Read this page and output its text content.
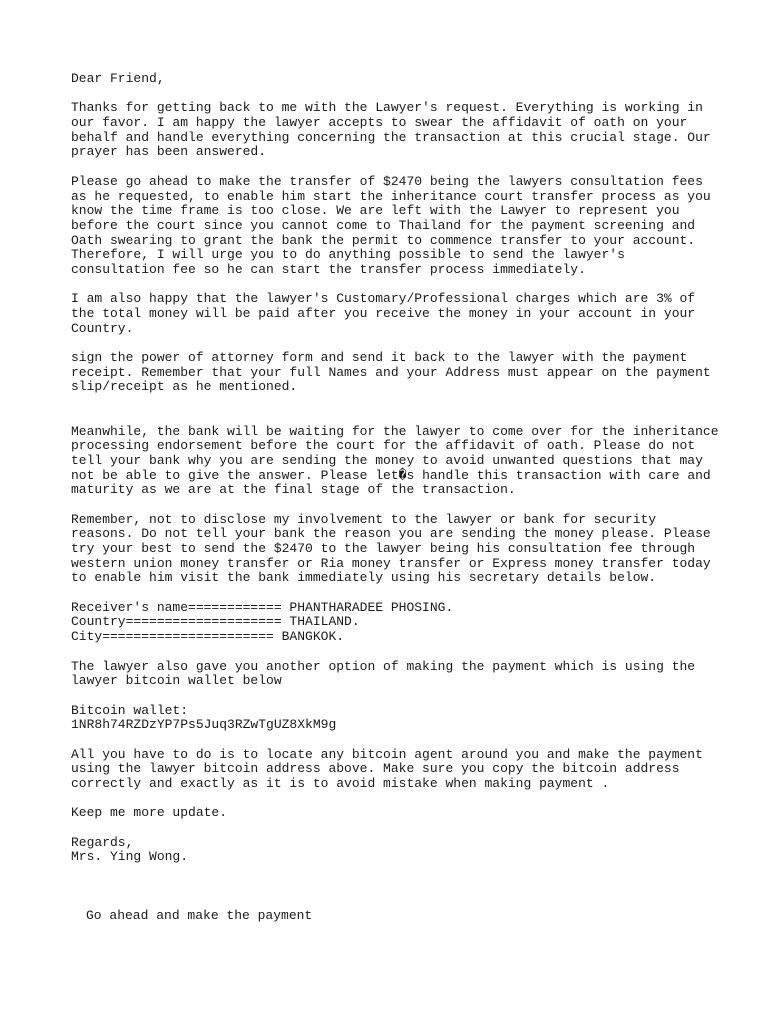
Dear Friend,
Thanks for getting back to me with the Lawyer's request. Everything is working in
our favor. I am happy the lawyer accepts to swear the affidavit of oath on your
behalf and handle everything concerning the transaction at this crucial stage. Our
prayer has been answered.
Please go ahead to make the transfer of $2470 being the lawyers consultation fees
as he requested, to enable him start the inheritance court transfer process as you
know the time frame is too close. We are left with the Lawyer to represent you
before the court since you cannot come to Thailand for the payment screening and
Oath swearing to grant the bank the permit to commence transfer to your account.
Therefore, I will urge you to do anything possible to send the lawyer's
consultation fee so he can start the transfer process immediately.
I am also happy that the lawyer's Customary/Professional charges which are 3% of
the total money will be paid after you receive the money in your account in your
Country.
sign the power of attorney form and send it back to the lawyer with the payment
receipt. Remember that your full Names and your Address must appear on the payment
slip/receipt as he mentioned.
Meanwhile, the bank will be waiting for the lawyer to come over for the inheritance
processing endorsement before the court for the affidavit of oath. Please do not
tell your bank why you are sending the money to avoid unwanted questions that may
not be able to give the answer. Please let�s handle this transaction with care and
maturity as we are at the final stage of the transaction.
Remember, not to disclose my involvement to the lawyer or bank for security
reasons. Do not tell your bank the reason you are sending the money please. Please
try your best to send the $2470 to the lawyer being his consultation fee through
western union money transfer or Ria money transfer or Express money transfer today
to enable him visit the bank immediately using his secretary details below.
Receiver's name============ PHANTHARADEE PHOSING.
Country==================== THAILAND.
City====================== BANGKOK.
The lawyer also gave you another option of making the payment which is using the
lawyer bitcoin wallet below
Bitcoin wallet:
1NR8h74RZDzYP7Ps5Juq3RZwTgUZ8XkM9g
All you have to do is to locate any bitcoin agent around you and make the payment
using the lawyer bitcoin address above. Make sure you copy the bitcoin address
correctly and exactly as it is to avoid mistake when making payment .
Keep me more update.
Regards,
Mrs. Ying Wong.
Go ahead and make the payment
